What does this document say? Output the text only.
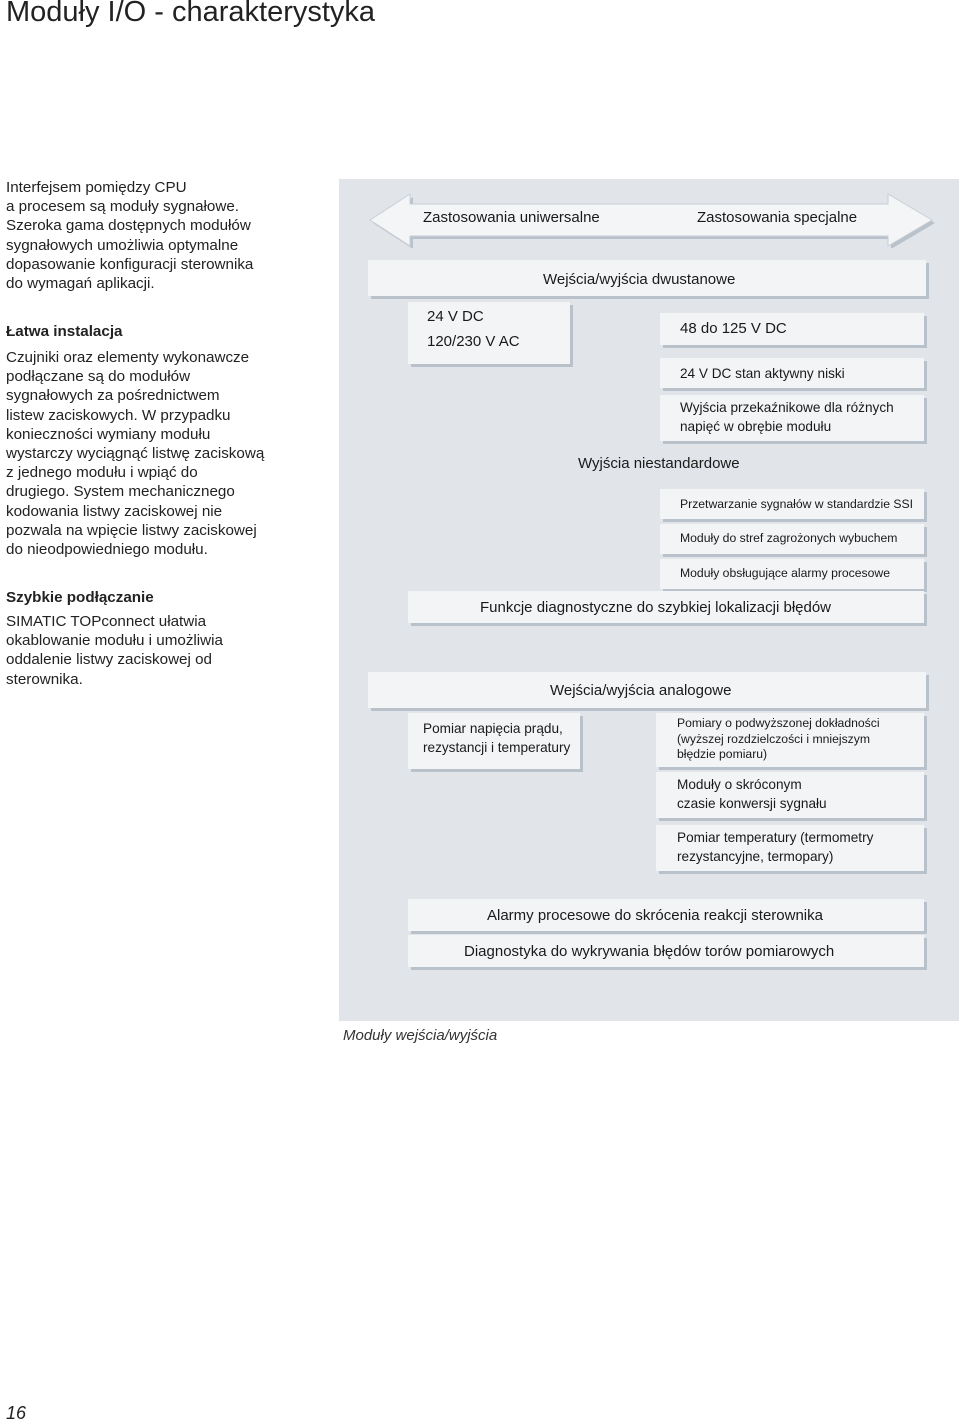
Moduły I/O - charakterystyka

Interfejsem pomiędzy CPU
a procesem są moduły sygnałowe.
Szeroka gama dostępnych modułów
sygnałowych umożliwia optymalne
dopasowanie konfiguracji sterownika
do wymagań aplikacji.

Łatwa instalacja

Czujniki oraz elementy wykonawcze
podłączane są do modułów
sygnałowych za pośrednictwem
listew zaciskowych. W przypadku
konieczności wymiany modułu
wystarczy wyciągnąć listwę zaciskową
z jednego modułu i wpiąć do
drugiego. System mechanicznego
kodowania listwy zaciskowej nie
pozwala na wpięcie listwy zaciskowej
do nieodpowiedniego modułu.

Szybkie podłączanie

SIMATIC TOPconnect ułatwia
okablowanie modułu i umożliwia
oddalenie listwy zaciskowej od
sterownika.

Zastosowania uniwersalne	Zastosowania specjalne
Wejścia/wyjścia dwustanowe
24 V DC
120/230 V AC
48 do 125 V DC
24 V DC stan aktywny niski
Wyjścia przekaźnikowe dla różnych
napięć w obrębie modułu
Wyjścia niestandardowe
Przetwarzanie sygnałów w standardzie SSI
Moduły do stref zagrożonych wybuchem
Moduły obsługujące alarmy procesowe
Funkcje diagnostyczne do szybkiej lokalizacji błędów
Wejścia/wyjścia analogowe
Pomiar napięcia prądu,
rezystancji i temperatury
Pomiary o podwyższonej dokładności
(wyższej rozdzielczości i mniejszym
błędzie pomiaru)
Moduły o skróconym
czasie konwersji sygnału
Pomiar temperatury (termometry
rezystancyjne, termopary)
Alarmy procesowe do skrócenia reakcji sterownika
Diagnostyka do wykrywania błędów torów pomiarowych
Moduły wejścia/wyjścia
16
